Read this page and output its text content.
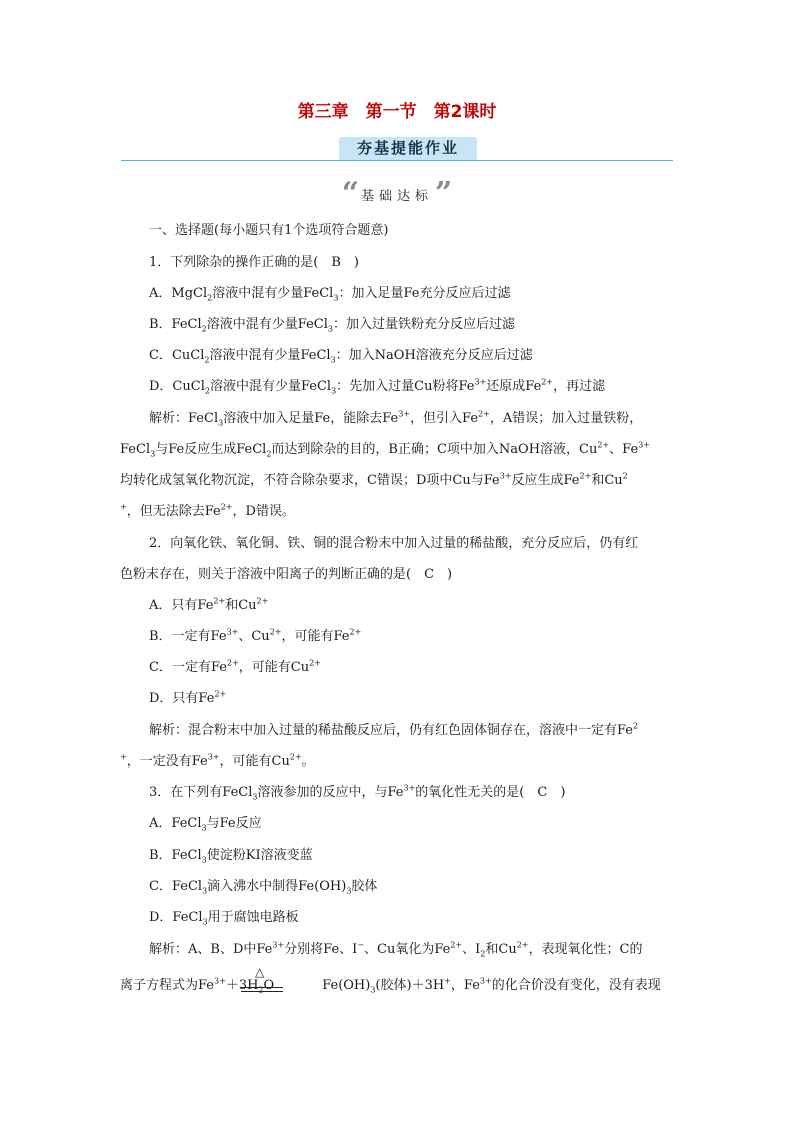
第三章　第一节　第2课时
夯基提能作业
“ 基础达标”
一、选择题(每小题只有1个选项符合题意)
1．下列除杂的操作正确的是(　B　)
A．MgCl$_2$溶液中混有少量FeCl$_3$：加入足量Fe充分反应后过滤
B．FeCl$_2$溶液中混有少量FeCl$_3$：加入过量铁粉充分反应后过滤
C．CuCl$_2$溶液中混有少量FeCl$_3$：加入NaOH溶液充分反应后过滤
D．CuCl$_2$溶液中混有少量FeCl$_3$：先加入过量Cu粉将$Fe^{3+}$还原成$Fe^{2+}$，再过滤
解析：FeCl$_3$溶液中加入足量Fe，能除去$Fe^{3+}$，但引入$Fe^{2+}$，A错误；加入过量铁粉，
FeCl$_3$与Fe反应生成FeCl$_2$而达到除杂的目的，B正确；C项中加入NaOH溶液，$Cu^{2+}$、$Fe^{3+}$
均转化成氢氧化物沉淀，不符合除杂要求，C错误；D项中Cu与$Fe^{3+}$反应生成$Fe^{2+}$和Cu$^2$
+，但无法除去$Fe^{2+}$，D错误。
2．向氧化铁、氧化铜、铁、铜的混合粉末中加入过量的稀盐酸，充分反应后，仍有红
色粉末存在，则关于溶液中阳离子的判断正确的是(　C　)
A．只有$Fe^{2+}$和$Cu^{2+}$
B．一定有$Fe^{3+}$、$Cu^{2+}$，可能有$Fe^{2+}$
C．一定有$Fe^{2+}$，可能有$Cu^{2+}$
D．只有$Fe^{2+}$
解析：混合粉末中加入过量的稀盐酸反应后，仍有红色固体铜存在，溶液中一定有Fe$^2$
+，一定没有$Fe^{3+}$，可能有$Cu^{2+}$。
3．在下列有FeCl$_3$溶液参加的反应中，与$Fe^{3+}$的氧化性无关的是(　C　)
A．FeCl$_3$与Fe反应
B．FeCl$_3$使淀粉KI溶液变蓝
C．FeCl$_3$滴入沸水中制得$Fe(OH)_3$胶体
D．FeCl$_3$用于腐蚀电路板
解析：A、B、D中$Fe^{3+}$分别将Fe、I−、Cu氧化为$Fe^{2+}$、$I_2$和$Cu^{2+}$，表现氧化性；C的
离子方程式为$Fe^{3+}+3H_2O$	$Fe(OH)_3$(胶体)＋3H+，$Fe^{3+}$的化合价没有变化，没有表现
△
